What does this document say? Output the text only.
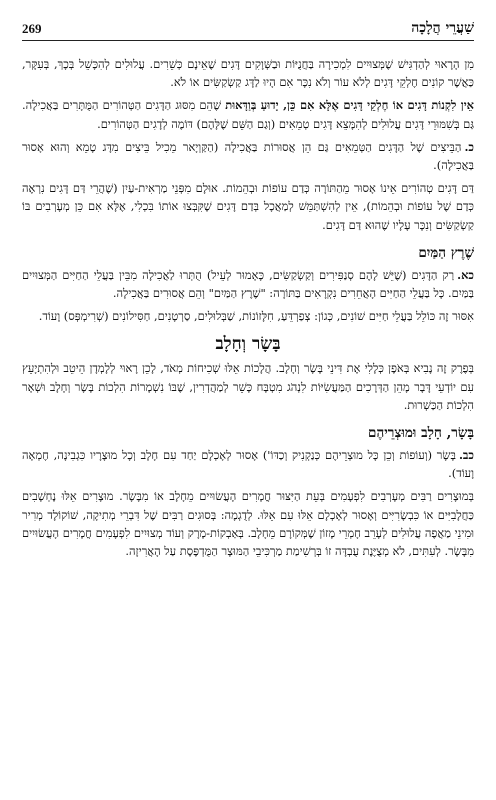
שַׁעֲרֵי הֲלָכָה
269

מִן הָרָאוּי לְהַדְגִּישׁ שֶׁמְּצוּיִים לִמְכִירָה בַּחֲנֻיּוֹת וּבַשְּׁוָקִים דָּגִים שֶׁאֵינָם כְּשֵׁרִים. עֲלוּלִים לְהִכָּשֵׁל בְּכָךְ, בְּעִקָּר, כַּאֲשֶׁר קוֹנִים חֶלְקֵי דָּגִים לְלֹא עוֹר וְלֹא נִכָּר אִם הָיוּ לַדָּג קַשְׂקַשִּׂים אוֹ לֹא.

אֵין לִקְנוֹת דָּגִים אוֹ חֶלְקֵי דָּגִים אֶלָּא אִם כֵּן, יָדוּעַ בְּוַדָּאוּת שֶׁהֵם מִסּוּג הַדָּגִים הַטְּהוֹרִים הַמֻּתָּרִים בַּאֲכִילָה. גַּם בְּשִׁמּוּרֵי דָּגִים עֲלוּלִים לְהִמָּצֵא דָּגִים טְמֵאִים (וְגַם הַשֵּׁם שֶׁלָּהֶם) דּוֹמֶה לְדָגִים הַטְּהוֹרִים.

כ.הַבֵּיצִים שֶׁל הַדָּגִים הַטְּמֵאִים גַּם הֵן אֲסוּרוֹת בַּאֲכִילָה (הַקַּוְיָאר מֵכִיל בֵּיצִים מִדָּג טָמֵא וְהוּא אָסוּר בַּאֲכִילָה).

דַּם דָּגִים טְהוֹרִים אֵינוֹ אָסוּר מֵהַתּוֹרָה כְּדַם עוֹפוֹת וּבְהֵמוֹת. אוּלָם מִפְּנֵי מַרְאִית-עַיִן (שֶׁהֲרֵי דַּם דָּגִים נִרְאֶה כְּדַם שֶׁל עוֹפוֹת וּבְהֵמוֹת), אֵין לְהִשְׁתַּמֵּשׁ לְמַאֲכָל בְּדַם דָּגִים שֶׁקִּבְּצוּ אוֹתוֹ בִּכְלִי, אֶלָּא אִם כֵּן מְעָרְבִים בּוֹ קַשְׂקַשִּׂים וְנִכָּר עָלָיו שֶׁהוּא דַּם דָּגִים.

שֶׁרֶץ הַמַּיִם

כא.רַק הַדָּגִים (שֶׁיֵּשׁ לָהֶם סְנַפִּירִים וְקַשְׂקַשִּׂים, כָּאָמוּר לְעֵיל) הֻתְּרוּ לַאֲכִילָה מִבֵּין בַּעֲלֵי הַחַיִּים הַמְּצוּיִים בַּמַּיִם. כָּל בַּעֲלֵי הַחַיִּים הָאֲחֵרִים נִקְרָאִים בַּתּוֹרָה: "שֶׁרֶץ הַמַּיִם" וְהֵם אֲסוּרִים בַּאֲכִילָה.

אִסּוּר זֶה כּוֹלֵל בַּעֲלֵי חַיִּים שׁוֹנִים, כְּגוֹן: צְפַרְדֵּעַ, חִלָּזוֹנוֹת, שַׁבְּלוּלִים, סַרְטָנִים, חַסִּילוֹנִים (שְׁרִימְפְּס) וָעוֹד.

בָּשָׂר וְחָלָב

בְּפֶרֶק זֶה נָבִיא בְּאֹפֶן כְּלָלִי אֶת דִּינֵי בָּשָׂר וְחָלָב. הֲלָכוֹת אֵלּוּ שְׁכִיחוֹת מְאֹד, לָכֵן רָאוּי לְלָמְדָן הֵיטֵב וּלְהִתְיָעֵץ עִם יוֹדְעֵי דָּבָר מָהֵן הַדְּרָכִים הַמַּעֲשִׂיּוֹת לִנְהֹג מִטְבָּח כָּשֵׁר לְמַהֲדְרִין, שֶׁבּוֹ נִשְׁמָרוֹת הִלְכוֹת בָּשָׂר וְחָלָב וּשְׁאָר הִלְכוֹת הַכַּשְׁרוּת.

בָּשָׂר, חָלָב וּמוּצְרֵיהֶם

כב.בָּשָׂר (וְעוֹפוֹת וְכֵן כָּל מוּצְרֵיהֶם כְּנַקְנִיק וְכַדּוֹ') אָסוּר לְאָכְלָם יַחַד עִם חָלָב וְכָל מוּצָרָיו כִּגְבִינָה, חֶמְאָה וָעוֹד).

בְּמוּצָרִים רַבִּים מְעָרְבִים לִפְעָמִים בְּעֵת הַיִּצּוּר חֳמָרִים הָעֲשׂוּיִים מֵחָלָב אוֹ מִבָּשָׂר. מוּצָרִים אֵלּוּ נֶחְשָׁבִים כַּחֲלָבִיִּים אוֹ כִּבְשָׂרִיִּים וְאָסוּר לְאָכְלָם אֵלּוּ עִם אֵלּוּ. לְדֻגְמָה: בְּסוּגִים רַבִּים שֶׁל דִּבְרֵי מְתִיקָה, שׁוֹקוֹלָד מְרִיר וּמִינֵי מַאֲפֶה עֲלוּלִים לְעָרֵב חָמְרֵי מָזוֹן שֶׁמְּקוֹרָם מֵחָלָב. בְּאַבְקוֹת-מָרָק וְעוֹד מְצוּיִים לִפְעָמִים חֳמָרִים הָעֲשׂוּיִים מִבָּשָׂר. לְעִתִּים, לֹא מְצֻיֶּנֶת עֻבְדָּה זוֹ בְּרְשִׁימַת מַרְכִּיבֵי הַמּוּצָר הַמֻּדְפֶּסֶת עַל הָאֲרִיזָה.
